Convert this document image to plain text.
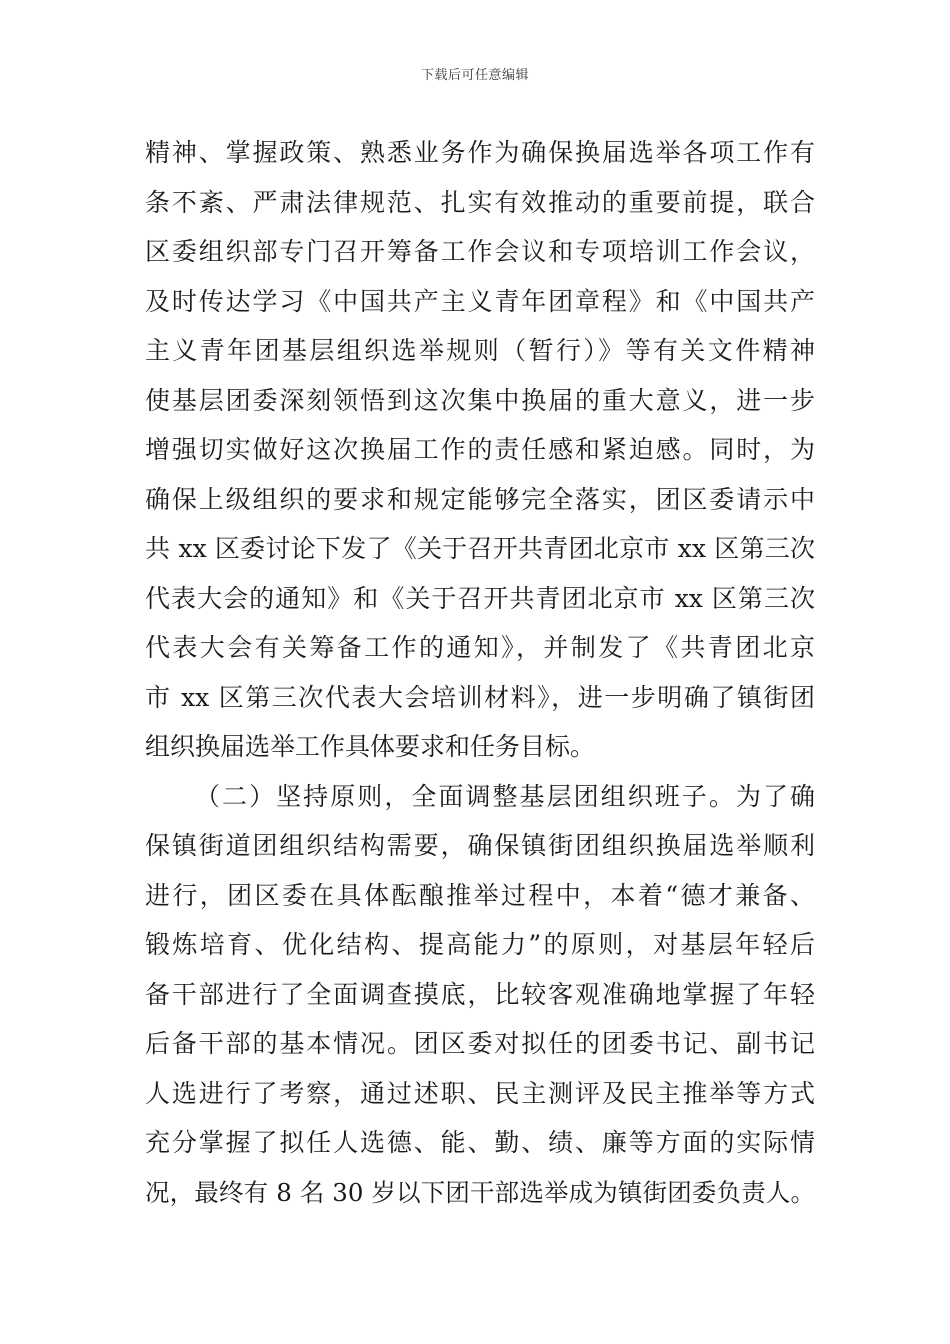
下载后可任意编辑
精神、掌握政策、熟悉业务作为确保换届选举各项工作有
条不紊、严肃法律规范、扎实有效推动的重要前提，联合
区委组织部专门召开筹备工作会议和专项培训工作会议，
及时传达学习《中国共产主义青年团章程》和《中国共产
主义青年团基层组织选举规则（暂行）》等有关文件精神
使基层团委深刻领悟到这次集中换届的重大意义，进一步
增强切实做好这次换届工作的责任感和紧迫感。同时，为
确保上级组织的要求和规定能够完全落实，团区委请示中
共 xx 区委讨论下发了《关于召开共青团北京市 xx 区第三次
代表大会的通知》和《关于召开共青团北京市 xx 区第三次
代表大会有关筹备工作的通知》，并制发了《共青团北京
市 xx 区第三次代表大会培训材料》，进一步明确了镇街团
组织换届选举工作具体要求和任务目标。
（二）坚持原则，全面调整基层团组织班子。为了确
保镇街道团组织结构需要，确保镇街团组织换届选举顺利
进行，团区委在具体酝酿推举过程中，本着“德才兼备、
锻炼培育、优化结构、提高能力”的原则，对基层年轻后
备干部进行了全面调查摸底，比较客观准确地掌握了年轻
后备干部的基本情况。团区委对拟任的团委书记、副书记
人选进行了考察，通过述职、民主测评及民主推举等方式
充分掌握了拟任人选德、能、勤、绩、廉等方面的实际情
况，最终有 8 名 30 岁以下团干部选举成为镇街团委负责人。
